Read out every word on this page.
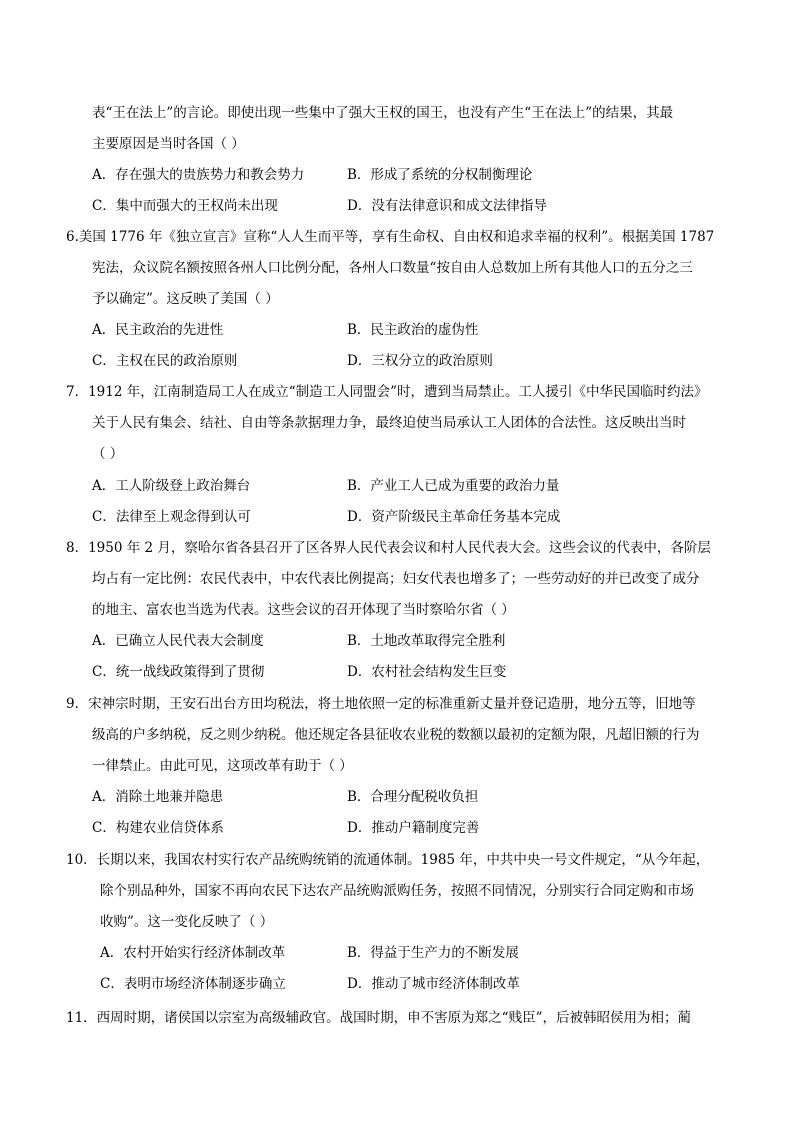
表“王在法上”的言论。即使出现一些集中了强大王权的国王，也没有产生“王在法上”的结果，其最
主要原因是当时各国（ ）
A．存在强大的贵族势力和教会势力	B．形成了系统的分权制衡理论
C．集中而强大的王权尚未出现	D．没有法律意识和成文法律指导
6.美国 1776 年《独立宣言》宣称“人人生而平等，享有生命权、自由权和追求幸福的权利”。根据美国 1787
宪法，众议院名额按照各州人口比例分配，各州人口数量“按自由人总数加上所有其他人口的五分之三
予以确定”。这反映了美国（ ）
A．民主政治的先进性	B．民主政治的虚伪性
C．主权在民的政治原则	D．三权分立的政治原则
7．1912 年，江南制造局工人在成立“制造工人同盟会”时，遭到当局禁止。工人援引《中华民国临时约法》
关于人民有集会、结社、自由等条款据理力争，最终迫使当局承认工人团体的合法性。这反映出当时
（ ）
A．工人阶级登上政治舞台	B．产业工人已成为重要的政治力量
C．法律至上观念得到认可	D．资产阶级民主革命任务基本完成
8．1950 年 2 月，察哈尔省各县召开了区各界人民代表会议和村人民代表大会。这些会议的代表中，各阶层
均占有一定比例：农民代表中，中农代表比例提高；妇女代表也增多了；一些劳动好的并已改变了成分
的地主、富农也当选为代表。这些会议的召开体现了当时察哈尔省（ ）
A．已确立人民代表大会制度	B．土地改革取得完全胜利
C．统一战线政策得到了贯彻	D．农村社会结构发生巨变
9．宋神宗时期，王安石出台方田均税法，将土地依照一定的标准重新丈量并登记造册，地分五等，旧地等
级高的户多纳税，反之则少纳税。他还规定各县征收农业税的数额以最初的定额为限，凡超旧额的行为
一律禁止。由此可见，这项改革有助于（ ）
A．消除土地兼并隐患	B．合理分配税收负担
C．构建农业信贷体系	D．推动户籍制度完善
10．长期以来，我国农村实行农产品统购统销的流通体制。1985 年，中共中央一号文件规定，“从今年起，
除个别品种外，国家不再向农民下达农产品统购派购任务，按照不同情况，分别实行合同定购和市场
收购”。这一变化反映了（ ）
A．农村开始实行经济体制改革	B．得益于生产力的不断发展
C．表明市场经济体制逐步确立	D．推动了城市经济体制改革
11．西周时期，诸侯国以宗室为高级辅政官。战国时期，申不害原为郑之“贱臣”，后被韩昭侯用为相；蔺
